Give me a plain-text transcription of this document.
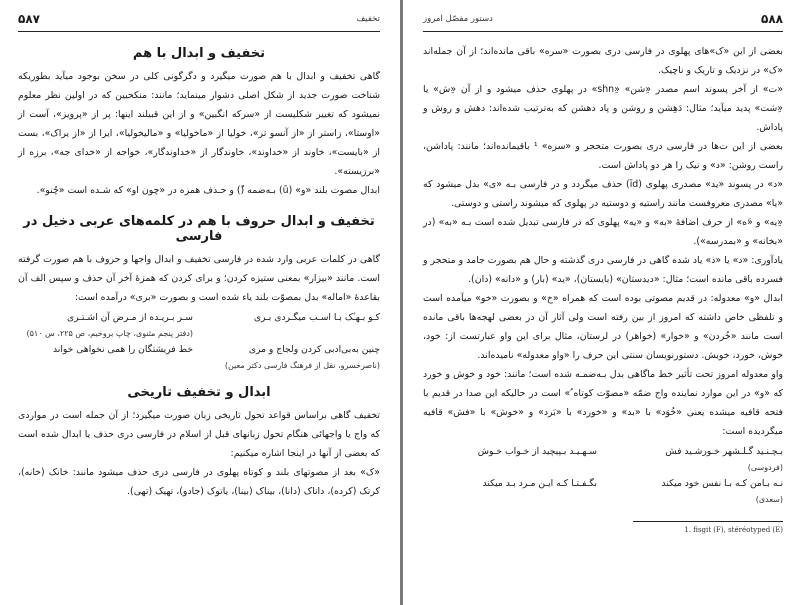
۵۸۷	تخفیف
تخفیف و ابدال با هم

گاهی تخفیف و ابدال با هم صورت میگیرد و دگرگونی کلی در سخن بوجود میآید بطوریکه شناخت صورت جدید از شکل اصلی دشوار مینماید؛ مانند: منکحیین که در اولین نظر معلوم نمیشود که تغییر شکلیست از «سرکه انگبین» و از این قبیلند اینها: پر از «پرویز»، آست از «اوستا»، زاستر از «از آنسو تر»، خولیا از «ماخولیا» و «مالیخولیا»، ایرا از «از یراک»، بست از «بایست»، خاوند از «خداوند»، خاوندگار از «خداوندگار»، خواجه از «خدای جه»، برزه از «برزیسته».

ابدال مصوت بلند «و» (ū) بـه‌ضمه (ُ) و حـذف همزه در «چون او» که شـده است «چُنو».

تخفیف و ابدال حروف با هم در کلمه‌های عربی دخیل در فارسی

گاهی در کلمات عربی وارد شده در فارسی تخفیف و ابدال واجها و حروف با هم صورت گرفته است. مانند «بیزار» بمعنی ستیزه کردن؛ و برای کردن که همزهٔ آخر آن حذف و سپس الف آن بقاعدهٔ «اماله» بدل بمصوّت بلند یاء شده است و بصورت «بری» درآمده است:

کـو بـهـٔک بـا اسـب میگـردی بـری
سـر بـریـده از مـرض آن اشـتـری
(دفتر پنجم مثنوی، چاپ بروخیم، ص ۲۲۵، س ۵۱۰)
چنین به‌بی‌ادبی کردن ولجاج و مری
خط فریشتگان را همی نخواهی خواند
(ناصرخسرو، نقل از فرهنگ فارسی دکتر معین)
ابدال و تخفیف تاریخی

تخفیف گاهی براساس قواعد تحول تاریخی زبان صورت میگیرد؛ از آن جمله است در مواردی که واج یا واجهائی هنگام تحول زبانهای قبل از اسلام در فارسی دری حذف یا ابدال شده است که بعضی از آنها در اینجا اشاره میکنیم:

«ک» بعد از مصوتهای بلند و کوتاه پهلوی در فارسی دری حذف میشود مانند: خانک (خانه)، کرتک (کرده)، داناک (دانا)، بیناک (بینا)، یاتوک (جادو)، تهیک (تهی).

۵۸۸
دستور مفصّل امروز

بعضی از این «ک»های پهلوی در فارسی دری بصورت «سره» باقی مانده‌اند؛ از آن جمله‌اند «ک» در نزدیک و تاریک و ناچیک.

«ت» از آخر پسوند اسم مصدر «ِشن» «ِshn» در پهلوی حذف میشود و از آن «ِش» یا «ِشت» پدید میآید؛ مثال: دَهِشن و روشن و پاد دهشن که به‌ترتیب شده‌اند: دهش و روش و پاداش.

بعضی از این ت‌ها در فارسی دری بصورت متحجر و «سره» ¹ باقیمانده‌اند؛ مانند: پاداشن، راست روشن: «د» و نیک را هر دو پاداش است.

«د» در پسوند «ید» مصدری پهلوی (īd) حذف میگردد و در فارسی بـه «ی» بدل میشود که «یا» مصدری معروفست مانند راستیه و دوستیه در پهلوی که میشوند راستی و دوستی.

«ِیه» و «َه» از حرف اضافهٔ «به» و «یه» پهلوی که در فارسی تبدیل شده است بـه «به» (در «بخانه» و «بمدرسه»).

یادآوری: «د» یا «ذ» یاد شده گاهی در فارسی دری گذشته و حال هم بصورت جامد و متحجر و فسرده باقی مانده است؛ مثال: «دیدستان» (بایستان)، «ید» (بار) و «دانه» (دان).

ابدال «و» معدوله: در قدیم مصوتی بوده است که همراه «خ» و بصورت «خو» میآمده است و تلفظی خاص داشته که امروز از بین رفته است ولی آثار آن در بعضی لهجه‌ها باقی مانده است مانند «خُردن» و «خوار» (خواهر) در لرستان، مثال برای این واو عبارتست از: خود، خوش، خورد، خویش. دستورنویسان سنتی این حرف را «واو معدوله» نامیده‌اند.

واو معدوله امروز تحت تأثیر خط ماگاهی بدل بـه‌ضمـه شده است؛ مانند: خود و خوش و خورد که «و» در این موارد نماینده واج ضمّه «مصوّت کوتاه ُ» است در حالیکه این صدا در قدیم با فتحه قافیه میشده یعنی «خُوَد» با «بد» و «خورد» با «بَرد» و «خوش» با «فش» قافیه میگردیده است:

بـچـنـید گـلـشهر خـورشـید فش
سـهـیـد بـپیچید از خـواب خـوش
(فردوسی)
نـه بـامن کـه بـا نفس خود میکند
بگـفـتـا کـه ایـن مـرد بـد میکند
(سعدی)
1. fisgit (F), stéréotyped (E)
